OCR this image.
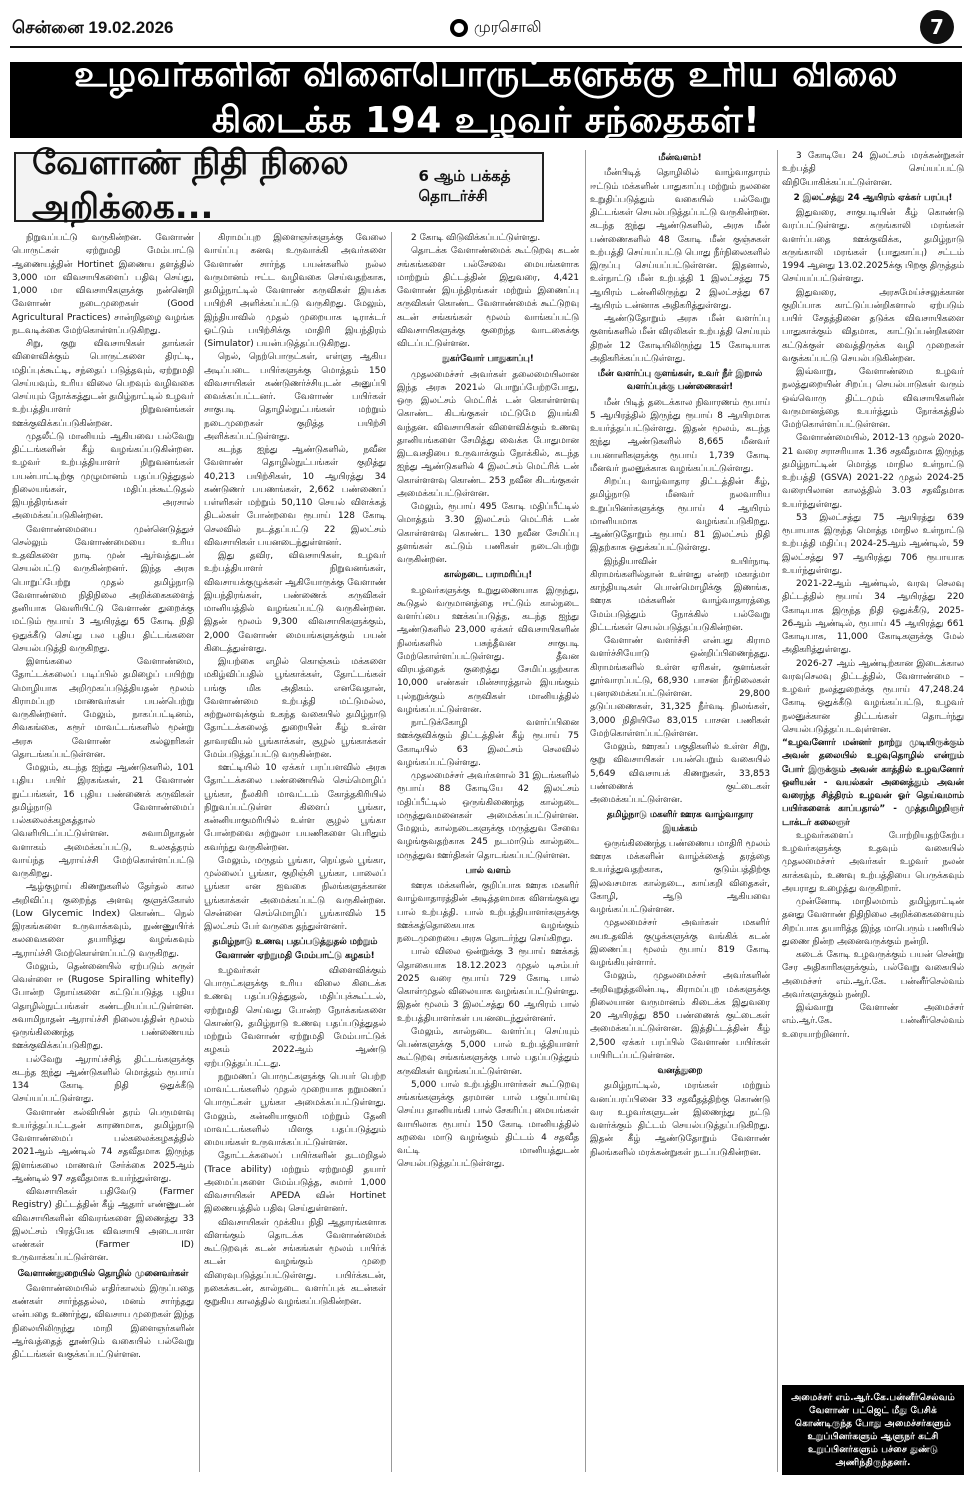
சென்னை 19.02.2026	முரசொலி	7
உழவர்களின் விளைபொருட்களுக்கு உரிய விலை கிடைக்க 194 உழவர் சந்தைகள்!
வேளாண் நிதி நிலை அறிக்கை...
6 ஆம் பக்கத் தொடர்ச்சி

நிறுவப்பட்டு வருகின்றன. வேளாண் பொருட்கள் ஏற்றுமதி மேம்பாட்டு ஆணையத்தின் Hortinet இணைய தளத்தில் 3,000 மா விவசாயிகளைப் பதிவு செய்து, 1,000 மா விவசாயிகளுக்கு நன்னெறி வேளாண் நடைமுறைகள் (Good Agricultural Practices) சான்றிதழை வழங்க நடவடிக்கை மேற்கொள்ளப்படுகிறது.

சிறு, குறு விவசாயிகள் தாங்கள் விளைவிக்கும் பொருட்களை திரட்டி, மதிப்புக்கூட்டி, சந்தைப் படுத்தவும், ஏற்றுமதி செய்யவும், உரிய விலை பெறவும் வழிவகை செய்யும் நோக்கத்துடன் தமிழ்நாட்டில் உழவர் உற்பத்தியாளர் நிறுவனங்கள் ஊக்குவிக்கப்படுகின்றன.

முதலீட்டு மானியம் ஆகியவை பல்வேறு திட்டங்களின் கீழ் வழங்கப்படுகின்றன. உழவர் உற்பத்தியாளர் நிறுவனங்கள் பயன்பாட்டிற்கு முழுமானம் பதப்படுத்துதல் நிலையங்கள், மதிப்புக்கூட்டுதல் இயந்திரங்கள் அரசால் அமைக்கப்படுகின்றன.

வேளாண்மையை முன்னெடுத்துச் செல்லும் வேளாண்மையை உரிய உதவிகளை நாடி முன் ஆர்வத்துடன் செயல்பட்டு வருகின்றனர். இந்த அரசு பொறுப்பேற்று முதல் தமிழ்நாடு வேளாண்மை நிதிநிலை அறிக்கைகளைத் தனியாக வெளியிட்டு வேளாண் துறைக்கு மட்டும் ரூபாய் 3 ஆயிரத்து 65 கோடி நிதி ஒதுக்கீடு செய்து பல புதிய திட்டங்களை செயல்படுத்தி வருகிறது.

இளங்கலை வேளாண்மை, தோட்டக்கலைப் படிப்பில் தமிழைப் பயிற்று மொழியாக அறிமுகப்படுத்தியதன் மூலம் கிராமப்புற மாணவர்கள் பயன்பெற்று வருகின்றனர். மேலும், நாகப்பட்டினம், சிவகங்கை, கரூர் மாவட்டங்களில் மூன்று அரசு வேளாண் கல்லூரிகள் தொடங்கப்பட்டுள்ளன.

மேலும், கடந்த ஐந்து ஆண்டுகளில், 101 புதிய பயிர் இரகங்கள், 21 வேளாண் நுட்பங்கள், 16 புதிய பண்ணைக் கருவிகள் தமிழ்நாடு வேளாண்மைப் பல்கலைக்கழகத்தால் வெளியிடப்பட்டுள்ளன. சுவாமிநாதன் வளாகம் அமைக்கப்பட்டு, உலகத்தரம் வாய்ந்த ஆராய்ச்சி மேற்கொள்ளப்பட்டு வருகிறது.

ஆழ்குழாய் கிணறுகளில் தேர்தல் கால அறிவிப்பு குறைந்த அளவு குளுக்கோஸ் (Low Glycemic Index) கொண்ட நெல் இரகங்களை உருவாக்கவும், நுண்ணுயிர்க் கலவைகளை தயாரித்து வழங்கவும் ஆராய்ச்சி மேற்கொள்ளப்பட்டு வருகிறது.

மேலும், தென்னையில் ஏற்படும் சுருள் வெள்ளை ஈ (Rugose Spiralling whitefly) போன்ற நோய்களை கட்டுப்படுத்த புதிய தொழில்நுட்பங்கள் கண்டறியப்பட்டுள்ளன. சுவாமிநாதன் ஆராய்ச்சி நிலையத்தின் மூலம் ஒருங்கிணைந்த பண்ணையம் ஊக்குவிக்கப்படுகிறது.

பல்வேறு ஆராய்ச்சித் திட்டங்களுக்கு கடந்த ஐந்து ஆண்டுகளில் மொத்தம் ரூபாய் 134 கோடி நிதி ஒதுக்கீடு செய்யப்பட்டுள்ளது.

வேளாண் கல்வியின் தரம் பெருமளவு உயர்த்தப்பட்டதன் காரணமாக, தமிழ்நாடு வேளாண்மைப் பல்கலைக்கழகத்தில் 2021ஆம் ஆண்டில் 74 சதவீதமாக இருந்த இளங்கலை மாணவர் சேர்க்கை 2025ஆம் ஆண்டில் 97 சதவீதமாக உயர்ந்துள்ளது.

விவசாயிகள் பதிவேடு (Farmer Registry) திட்டத்தின் கீழ் ஆதார் எண்ணுடன் விவசாயிகளின் விவரங்களை இணைத்து 33 இலட்சம் பிரத்யேக விவசாயி அடையாள எண்கள் (Farmer ID) உருவாக்கப்பட்டுள்ளன.

வேளாண்துறையில் தொழில் முனைவர்கள்

வேளாண்மையில் எதிர்காலம் இருப்பதை கண்கள் சார்ந்ததல்ல, மனம் சார்ந்தது என்பதை உணர்ந்து, விவசாய முறைகள் இந்த நிலையிலிருந்து மாறி இளைஞர்களின் ஆர்வத்தைத் தூண்டும் வகையில் பல்வேறு திட்டங்கள் வகுக்கப்பட்டுள்ளன.

கிராமப்புற இளைஞர்களுக்கு வேலை வாய்ப்பு கனவு உருவாக்கி அவர்களை வேளாண் சார்ந்த பயன்களில் நல்ல வருமானம் ஈட்ட வழிவகை செய்வதற்காக, தமிழ்நாட்டில் வேளாண் கருவிகள் இயக்க பயிற்சி அளிக்கப்பட்டு வருகிறது. மேலும், இந்தியாவில் முதல் முறையாக டிராக்டர் ஓட்டும் பயிற்சிக்கு மாதிரி இயந்திரம் (Simulator) பயன்படுத்தப்படுகிறது.

நெல், நெற்பொருட்கள், எள்ளு ஆகிய அடிப்படை பயிர்களுக்கு மொத்தம் 150 விவசாயிகள் கண்டுணர்ச்சியுடன் அனுப்பி வைக்கப்பட்டனர். வேளாண் பயிர்கள் சாகுபடி தொழில்நுட்பங்கள் மற்றும் நடைமுறைகள் குறித்த பயிற்சி அளிக்கப்பட்டுள்ளது.

கடந்த ஐந்து ஆண்டுகளில், நவீன வேளாண் தொழில்நுட்பங்கள் குறித்து 40,213 பயிற்சிகள், 10 ஆயிரத்து 34 கண்டுணர் பயணங்கள், 2,662 பண்ணைப் பள்ளிகள் மற்றும் 50,110 செயல் விளக்கத் திடல்கள் போன்றவை ரூபாய் 128 கோடி செலவில் நடத்தப்பட்டு 22 இலட்சம் விவசாயிகள் பயனடைந்துள்ளனர்.

இது தவிர, விவசாயிகள், உழவர் உற்பத்தியாளர் நிறுவனங்கள், விவசாயக்குழுக்கள் ஆகியோருக்கு வேளாண் இயந்திரங்கள், பண்ணைக் கருவிகள் மானியத்தில் வழங்கப்பட்டு வருகின்றன. இதன் மூலம் 9,300 விவசாயிகளுக்கும், 2,000 வேளாண் மையங்களுக்கும் பயன் கிடைத்துள்ளது.

இயற்கை எழில் கொஞ்சும் மக்களை மகிழ்விப்பதில் பூங்காக்கள், தோட்டங்கள் பங்கு மிக அதிகம். எனவேதான், வேளாண்மை உற்பத்தி மட்டுமல்ல, சுற்றுலாவுக்கும் உகந்த வகையில் தமிழ்நாடு தோட்டக்கலைத் துறையின் கீழ் உள்ள தாவரவியல் பூங்காக்கள், சூழல் பூங்காக்கள் மேம்படுத்தப்பட்டு வருகின்றன.

ஊட்டியில் 10 ஏக்கர் பரப்பளவில் அரசு தோட்டக்கலை பண்ணையில் செம்மொழிப் பூங்கா, நீலகிரி மாவட்டம் கோத்தகிரியில் நிறுவப்பட்டுள்ள கிளைப் பூங்கா, கன்னியாகுமரியில் உள்ள சூழல் பூங்கா போன்றவை சுற்றுலா பயணிகளை பெரிதும் கவர்ந்து வருகின்றன.

மேலும், மருதம் பூங்கா, நெய்தல் பூங்கா, முல்லைப் பூங்கா, குறிஞ்சி பூங்கா, பாலைப் பூங்கா என ஐவகை நிலங்களுக்கான பூங்காக்கள் அமைக்கப்பட்டு வருகின்றன. சென்னை செம்மொழிப் பூங்காவில் 15 இலட்சம் பேர் வருகை தந்துள்ளனர்.

தமிழ்நாடு உணவு பதப்படுத்துதல் மற்றும் வேளாண் ஏற்றுமதி மேம்பாட்டு கழகம்!

உழவர்கள் விளைவிக்கும் பொருட்களுக்கு உரிய விலை கிடைக்க உணவு பதப்படுத்துதல், மதிப்புக்கூட்டல், ஏற்றுமதி செய்வது போன்ற நோக்கங்களை கொண்டு, தமிழ்நாடு உணவு பதப்படுத்துதல் மற்றும் வேளாண் ஏற்றுமதி மேம்பாட்டுக் கழகம் 2022ஆம் ஆண்டு ஏற்படுத்தப்பட்டது.

நறுமணப் பொருட்களுக்கு பெயர் பெற்ற மாவட்டங்களில் முதல் முறையாக நறுமணப் பொருட்கள் பூங்கா அமைக்கப்பட்டுள்ளது. மேலும், கன்னியாகுமரி மற்றும் தேனி மாவட்டங்களில் மிளகு பதப்படுத்தும் மையங்கள் உருவாக்கப்பட்டுள்ளன.

தோட்டக்கலைப் பயிர்களின் தடமறிதல் (Trace ability) மற்றும் ஏற்றுமதி தயார் அமைப்புகளை மேம்படுத்த, சுமார் 1,000 விவசாயிகள் APEDA வின் Hortinet இணையத்தில் பதிவு செய்துள்ளனர்.

விவசாயிகள் முக்கிய நிதி ஆதாரங்களாக விளங்கும் தொடக்க வேளாண்மைக் கூட்டுறவுக் கடன் சங்கங்கள் மூலம் பயிர்க் கடன் வழங்கும் முறை விரைவுபடுத்தப்பட்டுள்ளது. பயிர்க்கடன், நகைக்கடன், கால்நடை வளர்ப்புக் கடன்கள் குறுகிய காலத்தில் வழங்கப்படுகின்றன.

2 கோடி விடுவிக்கப்பட்டுள்ளது.

தொடக்க வேளாண்மைக் கூட்டுறவு கடன் சங்கங்களை பல்சேவை மையங்களாக மாற்றும் திட்டத்தின் இதுவரை, 4,421 வேளாண் இயந்திரங்கள் மற்றும் இணைப்பு கருவிகள் கொண்ட வேளாண்மைக் கூட்டுறவு கடன் சங்கங்கள் மூலம் வாங்கப்பட்டு விவசாயிகளுக்கு குறைந்த வாடகைக்கு விடப்பட்டுள்ளன.

நுகர்வோர் பாதுகாப்பு!

முதலமைச்சர் அவர்கள் தலைமையிலான இந்த அரசு 2021ல் பொறுப்பேற்றபோது, ஒரு இலட்சம் மெட்ரிக் டன் கொள்ளளவு கொண்ட கிடங்குகள் மட்டுமே இயங்கி வந்தன. விவசாயிகள் விளைவிக்கும் உணவு தானியங்களை சேமித்து வைக்க போதுமான இடவசதியை உருவாக்கும் நோக்கில், கடந்த ஐந்து ஆண்டுகளில் 4 இலட்சம் மெட்ரிக் டன் கொள்ளளவு கொண்ட 253 நவீன கிடங்குகள் அமைக்கப்பட்டுள்ளன.

மேலும், ரூபாய் 495 கோடி மதிப்பீட்டில் மொத்தம் 3.30 இலட்சம் மெட்ரிக் டன் கொள்ளளவு கொண்ட 130 நவீன சேமிப்பு தளங்கள் கட்டும் பணிகள் நடைபெற்று வருகின்றன.

கால்நடை பராமரிப்பு!

உழவர்களுக்கு உறுதுணையாக இருந்து, கூடுதல் வருமானத்தை ஈட்டும் கால்நடை வளர்ப்பை ஊக்கப்படுத்த, கடந்த ஐந்து ஆண்டுகளில் 23,000 ஏக்கர் விவசாயிகளின் நிலங்களில் பசுந்தீவன சாகுபடி மேற்கொள்ளப்பட்டுள்ளது. தீவன விரயத்தைக் குறைத்து சேமிப்பதற்காக 10,000 எண்கள் மின்சாரத்தால் இயங்கும் புல்நறுக்கும் கருவிகள் மானியத்தில் வழங்கப்பட்டுள்ளன.

நாட்டுக்கோழி வளர்ப்பினை ஊக்குவிக்கும் திட்டத்தின் கீழ் ரூபாய் 75 கோடியில் 63 இலட்சம் செலவில் வழங்கப்பட்டுள்ளது.

முதலமைச்சர் அவர்களால் 31 இடங்களில் ரூபாய் 88 கோடியே 42 இலட்சம் மதிப்பீட்டில் ஒருங்கிணைந்த கால்நடை மருத்துவமனைகள் அமைக்கப்பட்டுள்ளன. மேலும், கால்நடைகளுக்கு மருத்துவ சேவை வழங்குவதற்காக 245 நடமாடும் கால்நடை மருத்துவ ஊர்திகள் தொடங்கப்பட்டுள்ளன.

பால் வளம்

ஊரக மக்களின், குறிப்பாக ஊரக மகளிர் வாழ்வாதாரத்தின் அடித்தளமாக விளங்குவது பால் உற்பத்தி. பால் உற்பத்தியாளர்களுக்கு ஊக்கத்தொகையாக வழங்கும் நடைமுறையை அரசு தொடர்ந்து செய்கிறது.

பால் விலை ஒன்றுக்கு 3 ரூபாய் ஊக்கத் தொகையாக 18.12.2023 முதல் டிசம்பர் 2025 வரை ரூபாய் 729 கோடி பால் கொள்முதல் விலையாக வழங்கப்பட்டுள்ளது. இதன் மூலம் 3 இலட்சத்து 60 ஆயிரம் பால் உற்பத்தியாளர்கள் பயனடைந்துள்ளனர்.

மேலும், கால்நடை வளர்ப்பு செய்யும் பெண்களுக்கு 5,000 பால் உற்பத்தியாளர் கூட்டுறவு சங்கங்களுக்கு பால் பதப்படுத்தும் கருவிகள் வழங்கப்பட்டுள்ளன.

5,000 பால் உற்பத்தியாளர்கள் கூட்டுறவு சங்கங்களுக்கு தரமான பால் பகுப்பாய்வு செய்ய தானியங்கி பால் சேகரிப்பு மையங்கள் வாயிலாக ரூபாய் 150 கோடி மானியத்தில் கறவை மாடு வழங்கும் திட்டம் 4 சதவீத வட்டி மானியத்துடன் செயல்படுத்தப்பட்டுள்ளது.

மீன்வளம்!

மீன்பிடித் தொழிலில் வாழ்வாதாரம் ஈட்டும் மக்களின் பாதுகாப்பு மற்றும் நலனை உறுதிப்படுத்தும் வகையில் பல்வேறு திட்டங்கள் செயல்படுத்தப்பட்டு வருகின்றன. கடந்த ஐந்து ஆண்டுகளில், அரசு மீன் பண்ணைகளில் 48 கோடி மீன் குஞ்சுகள் உற்பத்தி செய்யப்பட்டு பொது நீர்நிலைகளில் இருப்பு செய்யப்பட்டுள்ளன. இதனால், உள்நாட்டு மீன் உற்பத்தி 1 இலட்சத்து 75 ஆயிரம் டன்னிலிருந்து 2 இலட்சத்து 67 ஆயிரம் டன்னாக அதிகரித்துள்ளது.

ஆண்டுதோறும் அரசு மீன் வளர்ப்பு குளங்களில் மீன் விரலிகள் உற்பத்தி செய்யும் திறன் 12 கோடியிலிருந்து 15 கோடியாக அதிகரிக்கப்பட்டுள்ளது.

மீன் வளர்ப்பு குளங்கள், உவர் நீர் இறால் வளர்ப்புக்கு பண்ணைகள்!

மீன் பிடித் தடைக்கால நிவாரணம் ரூபாய் 5 ஆயிரத்தில் இருந்து ரூபாய் 8 ஆயிரமாக உயர்த்தப்பட்டுள்ளது. இதன் மூலம், கடந்த ஐந்து ஆண்டுகளில் 8,665 மீனவர் பயனாளிகளுக்கு ரூபாய் 1,739 கோடி மீனவர் நலனுக்காக வழங்கப்பட்டுள்ளது.

சிறப்பு வாழ்வாதார திட்டத்தின் கீழ், தமிழ்நாடு மீனவர் நலவாரிய உறுப்பினர்களுக்கு ரூபாய் 4 ஆயிரம் மானியமாக வழங்கப்படுகிறது. ஆண்டுதோறும் ரூபாய் 81 இலட்சம் நிதி இதற்காக ஒதுக்கப்பட்டுள்ளது.

இந்தியாவின் உயிர்நாடி கிராமங்களில்தான் உள்ளது என்ற மகாத்மா காந்தியடிகள் பொன்மொழிக்கு இணங்க, ஊரக மக்களின் வாழ்வாதாரத்தை மேம்படுத்தும் நோக்கில் பல்வேறு திட்டங்கள் செயல்படுத்தப்படுகின்றன.

வேளாண் வளர்ச்சி என்பது கிராம வளர்ச்சியோடு ஒன்றிப்பிணைந்தது. கிராமங்களில் உள்ள ஏரிகள், குளங்கள் தூர்வாரப்பட்டு, 68,930 பாசன நீர்நிலைகள் புனரமைக்கப்பட்டுள்ளன. 29,800 தடுப்பணைகள், 31,325 நீர்வடி நிலங்கள், 3,000 நிதியிலே 83,015 பாசன பணிகள் மேற்கொள்ளப்பட்டுள்ளன.

மேலும், ஊரகப் பகுதிகளில் உள்ள சிறு, குறு விவசாயிகள் பயன்பெறும் வகையில் 5,649 விவசாயக் கிணறுகள், 33,853 பண்ணைக் குட்டைகள் அமைக்கப்பட்டுள்ளன.

தமிழ்நாடு மகளிர் ஊரக வாழ்வாதார இயக்கம்

ஒருங்கிணைந்த பண்ணைய மாதிரி மூலம் ஊரக மக்களின் வாழ்க்கைத் தரத்தை உயர்த்துவதற்காக, குடும்பத்திற்கு இலவசமாக கால்நடை, காய்கறி விதைகள், கோழி, ஆடு ஆகியவை வழங்கப்பட்டுள்ளன.

முதலமைச்சர் அவர்கள் மகளிர் சுயஉதவிக் குழுக்களுக்கு வங்கிக் கடன் இணைப்பு மூலம் ரூபாய் 819 கோடி வழங்கியுள்ளார்.

மேலும், முதலமைச்சர் அவர்களின் அறிவுறுத்தலின்படி, கிராமப்புற மக்களுக்கு நிலையான வருமானம் கிடைக்க இதுவரை 20 ஆயிரத்து 850 பண்ணைக் குட்டைகள் அமைக்கப்பட்டுள்ளன. இத்திட்டத்தின் கீழ் 2,500 ஏக்கர் பரப்பில் வேளாண் பயிர்கள் பயிரிடப்பட்டுள்ளன.

வனத்துறை

தமிழ்நாட்டில், மரங்கள் மற்றும் வனப்பரப்பினை 33 சதவீதத்திற்கு கொண்டு வர உழவர்களுடன் இணைந்து நட்டு வளர்க்கும் திட்டம் செயல்படுத்தப்படுகிறது. இதன் கீழ் ஆண்டுதோறும் வேளாண் நிலங்களில் மரக்கன்றுகள் நடப்படுகின்றன.

3 கோடியே 24 இலட்சம் மரக்கன்றுகள் உற்பத்தி செய்யப்பட்டு விநியோகிக்கப்பட்டுள்ளன.

2 இலட்சத்து 24 ஆயிரம் ஏக்கர் பரப்பு!

இதுவரை, சாகுபடியின் கீழ் கொண்டு வரப்பட்டுள்ளது. கருங்காலி மரங்கள் வளர்ப்பதை ஊக்குவிக்க, தமிழ்நாடு கருங்காலி மரங்கள் (பாதுகாப்பு) சட்டம் 1994 ஆனது 13.02.2025க்கு பிறகு திருத்தம் செய்யப்பட்டுள்ளது.

இதுவரை, அரசுமேய்ச்சலுக்கான குறிப்பாக காட்டுப்பன்றிகளால் ஏற்படும் பயிர் சேதத்தினை தடுக்க விவசாயிகளை பாதுகாக்கும் விதமாக, காட்டுப்பன்றிகளை கட்டுக்குள் வைத்திருக்க வழி முறைகள் வகுக்கப்பட்டு செயல்படுகின்றன.

இவ்வாறு, வேளாண்மை உழவர் நலத்துறையின் சிறப்பு செயல்பாடுகள் வரும் ஒவ்வொரு திட்டமும் விவசாயிகளின் வருமானத்தை உயர்த்தும் நோக்கத்தில் மேற்கொள்ளப்பட்டுள்ளன.

வேளாண்மையில், 2012-13 முதல் 2020-21 வரை சராசரியாக 1.36 சதவீதமாக இருந்த தமிழ்நாட்டின் மொத்த மாநில உள்நாட்டு உற்பத்தி (GSVA) 2021-22 முதல் 2024-25 வரையிலான காலத்தில் 3.03 சதவீதமாக உயர்ந்துள்ளது.

53 இலட்சத்து 75 ஆயிரத்து 639 ரூபாயாக இருந்த மொத்த மாநில உள்நாட்டு உற்பத்தி மதிப்பு 2024-25ஆம் ஆண்டில், 59 இலட்சத்து 97 ஆயிரத்து 706 ரூபாயாக உயர்ந்துள்ளது.

2021-22ஆம் ஆண்டில், வரவு செலவு திட்டத்தில் ரூபாய் 34 ஆயிரத்து 220 கோடியாக இருந்த நிதி ஒதுக்கீடு, 2025-26ஆம் ஆண்டில், ரூபாய் 45 ஆயிரத்து 661 கோடியாக, 11,000 கோடிகளுக்கு மேல் அதிகரித்துள்ளது.

2026-27 ஆம் ஆண்டிற்கான இடைக்கால வரவுசெலவு திட்டத்தில், வேளாண்மை – உழவர் நலத்துறைக்கு ரூபாய் 47,248.24 கோடி ஒதுக்கீடு வழங்கப்பட்டு, உழவர் நலனுக்கான திட்டங்கள் தொடர்ந்து செயல்படுத்தப்படவுள்ளன.

“உழவனோர் மன்னர் நாற்று முடியிருக்கும் அவன் தலையில் உழவுதொழில் என்றும் போர் இருக்கும் அவன் காத்தில் உழவனோர் ஒளியன் - வயல்கள் அனைத்தும் அவன் வரைந்த சித்திரம் உழவன் ஓர் தெய்வமாம் பயிர்களைக் காப்பதால்” - முத்தமிழறிஞர் டாக்டர் கலைஞர்

உழவர்களைப் போற்றியதற்கேற்ப உழவர்களுக்கு உதவும் வகையில் முதலமைச்சர் அவர்கள் உழவர் நலன் காக்கவும், உணவு உற்பத்தியை பெருக்கவும் அயராது உழைத்து வருகிறார்.

முன்னோடி மாநிலமாம் தமிழ்நாட்டின் தனது வேளாண் நிதிநிலை அறிக்கைகளையும் சிறப்பாக தயாரித்த இந்த மாபெரும் பணியில் துணை நின்ற அனைவருக்கும் நன்றி.

கடைக் கோடி உழவருக்கும் பயன் சென்று சேர அதிகாரிகளுக்கும், பல்வேறு வகையில் அமைச்சர் எம்.ஆர்.கே. பன்னீர்செல்வம் அவர்களுக்கும் நன்றி.

இவ்வாறு வேளாண் அமைச்சர் எம்.ஆர்.கே. பன்னீர்செல்வம் உரையாற்றினார்.

அமைச்சர் எம்.ஆர்.கே.பன்னீர்செல்வம் வேளாண் பட்ஜெட் மீது பேசிக் கொண்டிருந்த போது அமைச்சர்களும் உறுப்பினர்களும் ஆளுநர் கட்சி உறுப்பினர்களும் பச்சை துண்டு அணிந்திருந்தனர்.
